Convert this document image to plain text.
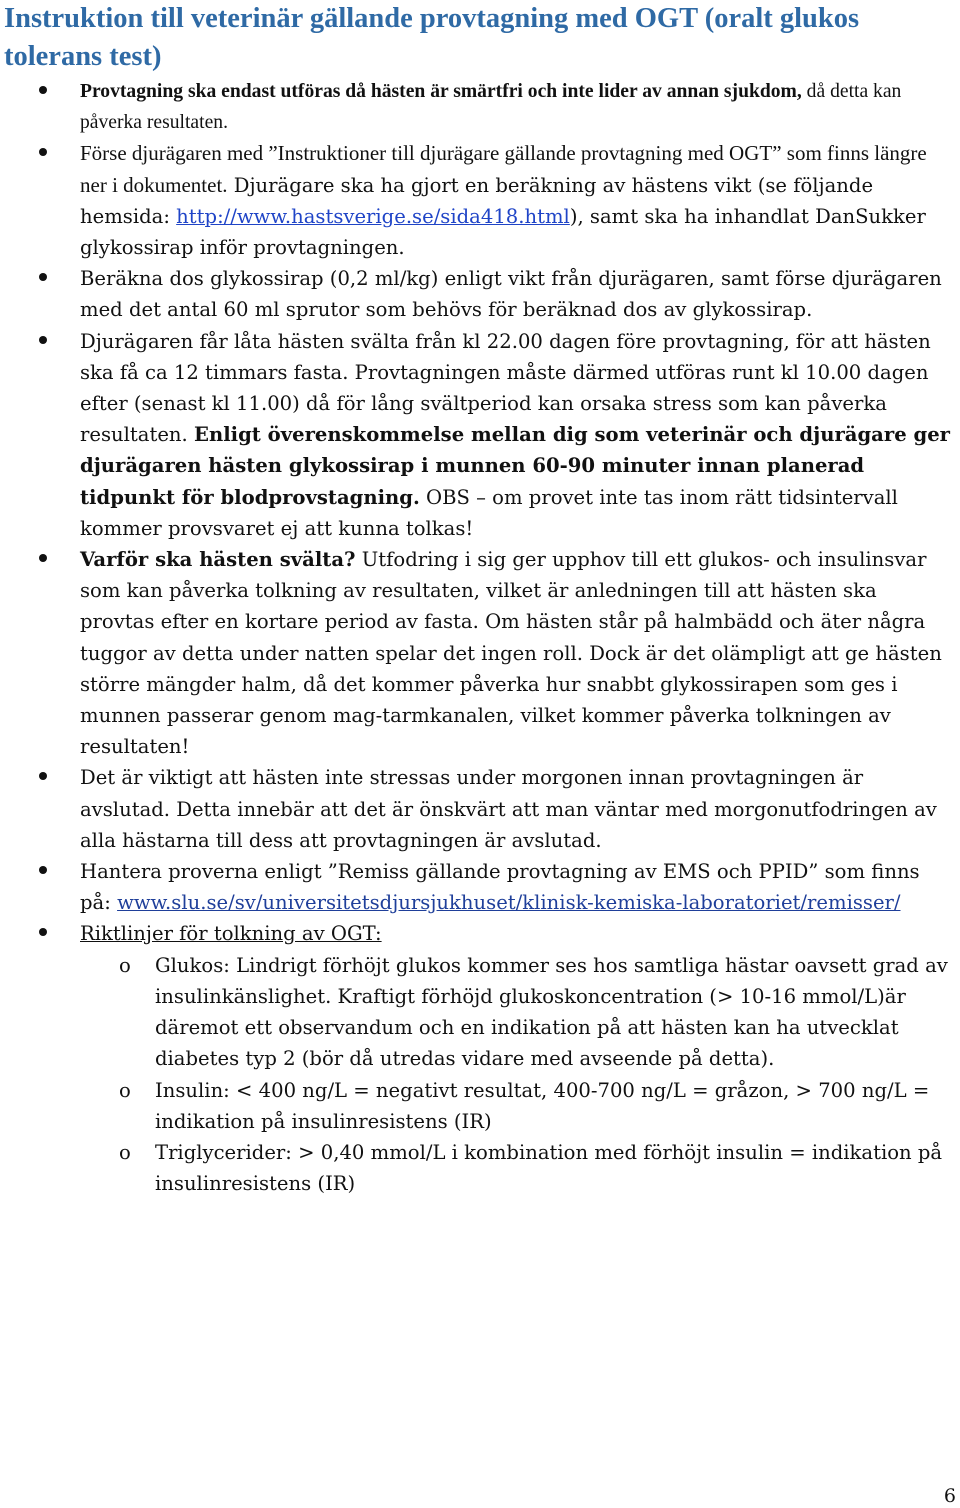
Instruktion till veterinär gällande provtagning med OGT (oralt glukos tolerans test)
Provtagning ska endast utföras då hästen är smärtfri och inte lider av annan sjukdom, då detta kan påverka resultaten.
Förse djurägaren med ”Instruktioner till djurägare gällande provtagning med OGT” som finns längre ner i dokumentet. Djurägare ska ha gjort en beräkning av hästens vikt (se följande hemsida: http://www.hastsverige.se/sida418.html), samt ska ha inhandlat DanSukker glykossirap inför provtagningen.
Beräkna dos glykossirap (0,2 ml/kg) enligt vikt från djurägaren, samt förse djurägaren med det antal 60 ml sprutor som behövs för beräknad dos av glykossirap.
Djurägaren får låta hästen svälta från kl 22.00 dagen före provtagning, för att hästen ska få ca 12 timmars fasta. Provtagningen måste därmed utföras runt kl 10.00 dagen efter (senast kl 11.00) då för lång svältperiod kan orsaka stress som kan påverka resultaten. Enligt överenskommelse mellan dig som veterinär och djurägare ger djurägaren hästen glykossirap i munnen 60-90 minuter innan planerad tidpunkt för blodprovstagning. OBS – om provet inte tas inom rätt tidsintervall kommer provsvaret ej att kunna tolkas!
Varför ska hästen svälta? Utfodring i sig ger upphov till ett glukos- och insulinsvar som kan påverka tolkning av resultaten, vilket är anledningen till att hästen ska provtas efter en kortare period av fasta. Om hästen står på halmbädd och äter några tuggor av detta under natten spelar det ingen roll. Dock är det olämpligt att ge hästen större mängder halm, då det kommer påverka hur snabbt glykossirapen som ges i munnen passerar genom mag-tarmkanalen, vilket kommer påverka tolkningen av resultaten!
Det är viktigt att hästen inte stressas under morgonen innan provtagningen är avslutad. Detta innebär att det är önskvärt att man väntar med morgonutfodringen av alla hästarna till dess att provtagningen är avslutad.
Hantera proverna enligt ”Remiss gällande provtagning av EMS och PPID” som finns på: www.slu.se/sv/universitetsdjursjukhuset/klinisk-kemiska-laboratoriet/remisser/
Riktlinjer för tolkning av OGT:
o Glukos: Lindrigt förhöjt glukos kommer ses hos samtliga hästar oavsett grad av insulinkänslighet. Kraftigt förhöjd glukoskoncentration (> 10-16 mmol/L)är däremot ett observandum och en indikation på att hästen kan ha utvecklat diabetes typ 2 (bör då utredas vidare med avseende på detta).
o Insulin: < 400 ng/L = negativt resultat, 400-700 ng/L = gråzon, > 700 ng/L = indikation på insulinresistens (IR)
o Triglycerider: > 0,40 mmol/L i kombination med förhöjt insulin = indikation på insulinresistens (IR)
6
